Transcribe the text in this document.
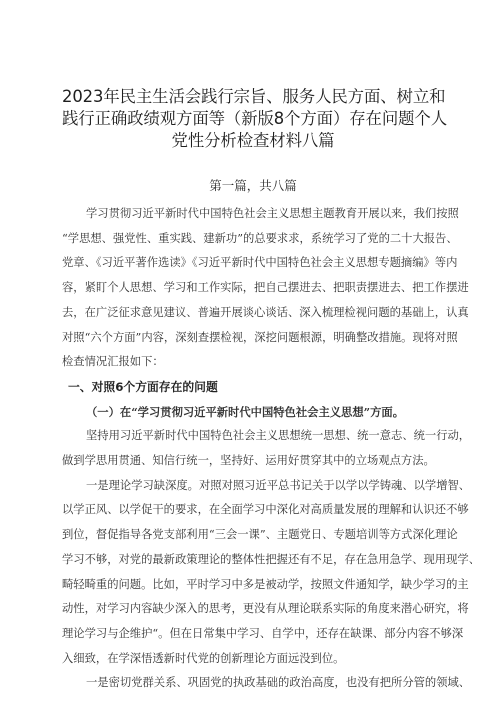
2023年民主生活会践行宗旨、服务人民方面、树立和
践行正确政绩观方面等（新版8个方面）存在问题个人
党性分析检查材料八篇
第一篇，共八篇

学习贯彻习近平新时代中国特色社会主义思想主题教育开展以来，我们按照
“学思想、强党性、重实践、建新功”的总要求求，系统学习了党的二十大报告、
党章、《习近平著作选读》《习近平新时代中国特色社会主义思想专题摘编》等内
容，紧盯个人思想、学习和工作实际，把自己摆进去、把职责摆进去、把工作摆进
去，在广泛征求意见建议、普遍开展谈心谈话、深入梳理检视问题的基础上，认真
对照“六个方面”内容，深刻查摆检视，深挖问题根源，明确整改措施。现将对照
检查情况汇报如下：

一、对照6个方面存在的问题
（一）在“学习贯彻习近平新时代中国特色社会主义思想”方面。

坚持用习近平新时代中国特色社会主义思想统一思想、统一意志、统一行动，
做到学思用贯通、知信行统一，坚持好、运用好贯穿其中的立场观点方法。

一是理论学习缺深度。对照对照习近平总书记关于以学以学铸魂、以学增智、
以学正风、以学促干的要求，在全面学习中深化对高质量发展的理解和认识还不够
到位，督促指导各党支部利用“三会一课”、主题党日、专题培训等方式深化理论
学习不够，对党的最新政策理论的整体性把握还有不足，存在急用急学、现用现学、
畸轻畸重的问题。比如，平时学习中多是被动学，按照文件通知学，缺少学习的主
动性，对学习内容缺少深入的思考，更没有从理论联系实际的角度来潜心研究，将
理论学习与企维护“。但在日常集中学习、自学中，还存在缺课、部分内容不够深
入细致，在学深悟透新时代党的创新理论方面远没到位。

一是密切党群关系、巩固党的执政基础的政治高度，也没有把所分管的领域、
